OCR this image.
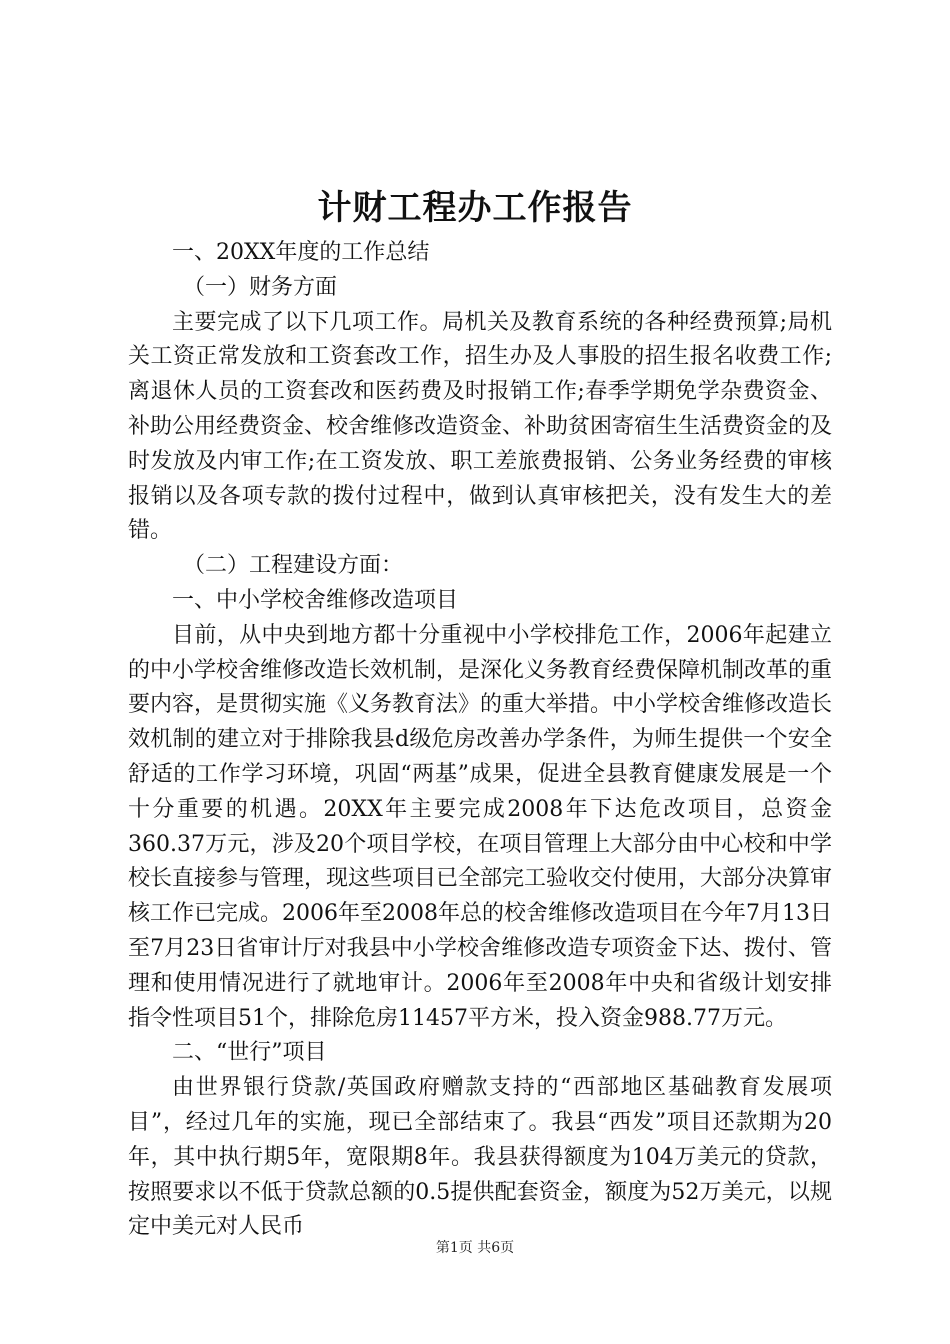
计财工程办工作报告

一、20XX年度的工作总结

（一）财务方面

主要完成了以下几项工作。局机关及教育系统的各种经费预算;局机关工资正常发放和工资套改工作，招生办及人事股的招生报名收费工作;离退休人员的工资套改和医药费及时报销工作;春季学期免学杂费资金、补助公用经费资金、校舍维修改造资金、补助贫困寄宿生生活费资金的及时发放及内审工作;在工资发放、职工差旅费报销、公务业务经费的审核报销以及各项专款的拨付过程中，做到认真审核把关，没有发生大的差错。

（二）工程建设方面：

一、中小学校舍维修改造项目

目前，从中央到地方都十分重视中小学校排危工作，2006年起建立的中小学校舍维修改造长效机制，是深化义务教育经费保障机制改革的重要内容，是贯彻实施《义务教育法》的重大举措。中小学校舍维修改造长效机制的建立对于排除我县d级危房改善办学条件，为师生提供一个安全舒适的工作学习环境，巩固“两基”成果，促进全县教育健康发展是一个十分重要的机遇。20XX年主要完成2008年下达危改项目，总资金360.37万元，涉及20个项目学校，在项目管理上大部分由中心校和中学校长直接参与管理，现这些项目已全部完工验收交付使用，大部分决算审核工作已完成。2006年至2008年总的校舍维修改造项目在今年7月13日至7月23日省审计厅对我县中小学校舍维修改造专项资金下达、拨付、管理和使用情况进行了就地审计。2006年至2008年中央和省级计划安排指令性项目51个，排除危房11457平方米，投入资金988.77万元。

二、“世行”项目

由世界银行贷款/英国政府赠款支持的“西部地区基础教育发展项目”，经过几年的实施，现已全部结束了。我县“西发”项目还款期为20年，其中执行期5年，宽限期8年。我县获得额度为104万美元的贷款，按照要求以不低于贷款总额的0.5提供配套资金，额度为52万美元，以规定中美元对人民币

第1页 共6页
